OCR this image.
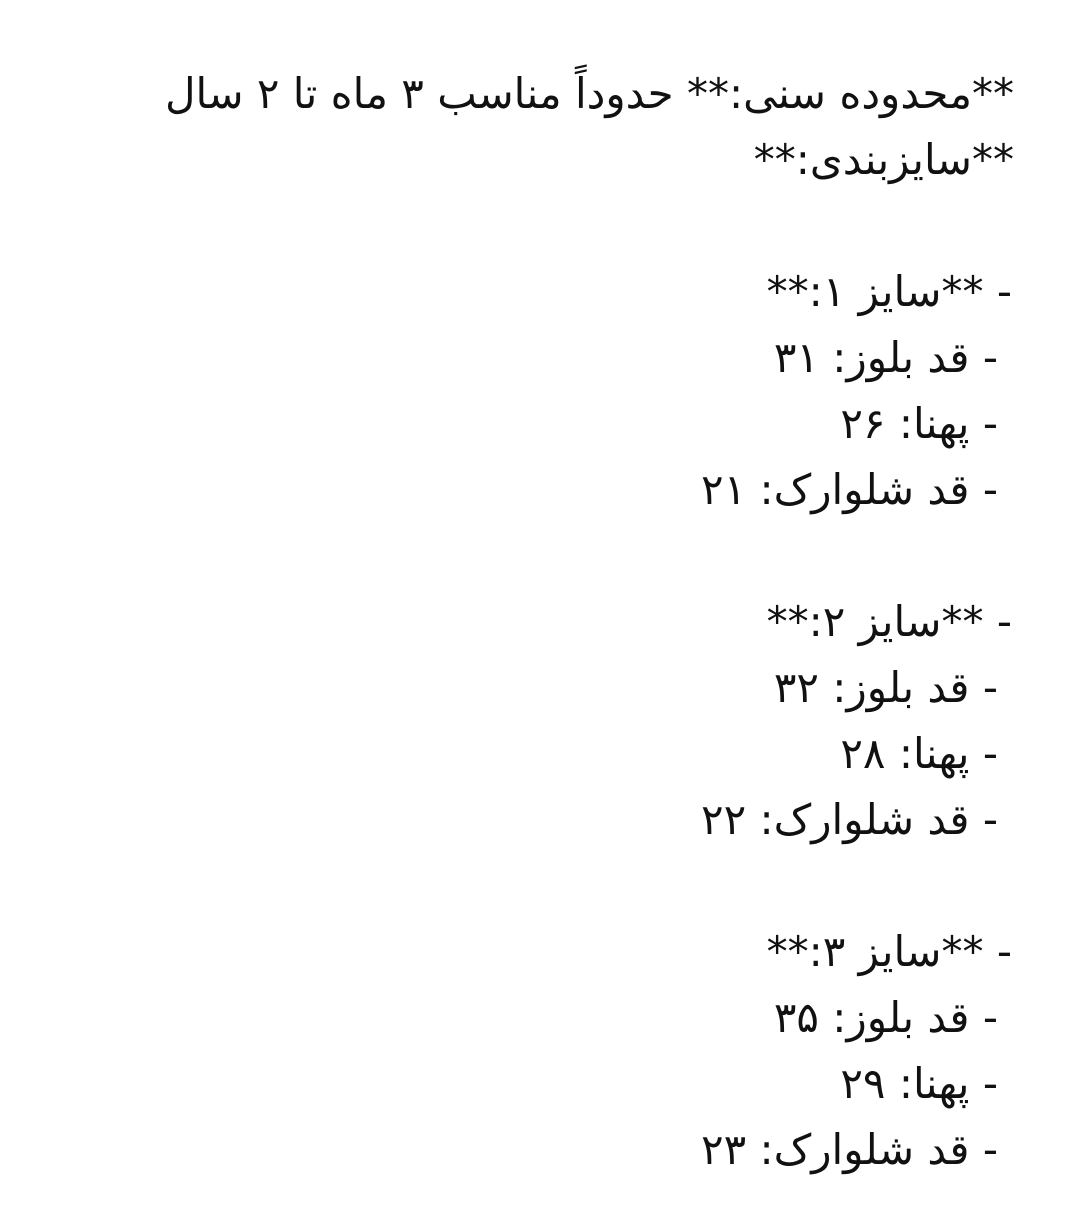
**محدوده سنی:** حدوداً مناسب ۳ ماه تا ۲ سال
**سایزبندی:**
- **سایز ۱:**
- قد بلوز: ۳۱
- پهنا: ۲۶
- قد شلوارک: ۲۱
- **سایز ۲:**
- قد بلوز: ۳۲
- پهنا: ۲۸
- قد شلوارک: ۲۲
- **سایز ۳:**
- قد بلوز: ۳۵
- پهنا: ۲۹
- قد شلوارک: ۲۳
